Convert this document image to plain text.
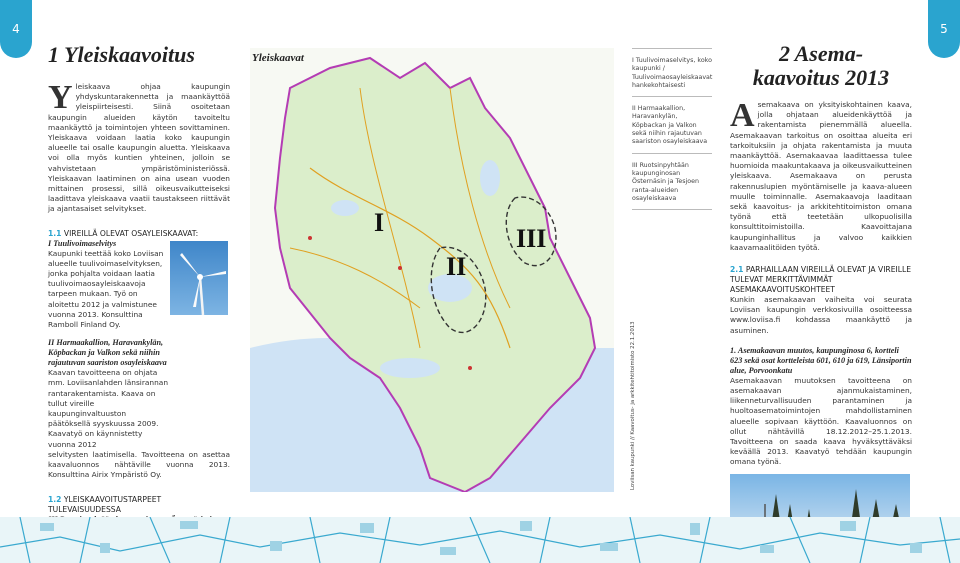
4	5
1 Yleiskaavoitus

Yleiskaava ohjaa kaupungin yhdyskuntarakennetta ja maankäyttöä yleispiirteisesti. Siinä osoitetaan kaupungin alueiden käytön tavoiteltu maankäyttö ja toimintojen yhteen sovittaminen. Yleiskaava voidaan laatia koko kaupungin alueelle tai osalle kaupungin aluetta. Yleiskaava voi olla myös kuntien yhteinen, jolloin se vahvistetaan ympäristöministeriössä. Yleiskaavan laatiminen on aina usean vuoden mittainen prosessi, sillä oikeusvaikutteiseksi laadittava yleiskaava vaatii taustakseen riittävät ja ajantasaiset selvitykset.

1.1 VIREILLÄ OLEVAT OSAYLEISKAAVAT:
I Tuulivoimaselvitys

Kaupunki teettää koko Loviisan alueelle tuulivoimaselvityksen, jonka pohjalta voidaan laatia tuulivoimaosayleiskaavoja tarpeen mukaan. Työ on aloitettu 2012 ja valmistunee vuonna 2013. Konsulttina Ramboll Finland Oy.

II Harmaakallion, Haravankylän, Köpbackan ja Valkon sekä niihin rajautuvan saariston osayleiskaava

Kaavan tavoitteena on ohjata mm. Loviisanlahden länsirannan rantarakentamista. Kaava on tullut vireille kaupunginvaltuuston päätöksellä syyskuussa 2009. Kaavatyö on käynnistetty vuonna 2012

selvitysten laatimisella. Tavoitteena on asettaa kaavaluonnos nähtäville vuonna 2013. Konsulttina Airix Ympäristö Oy.

1.2 YLEISKAAVOITUSTARPEET TULEVAISUUDESSA
Yleiskaavat
I
II
III
I Tuulivoimaselvitys, koko kaupunki / Tuulivoimaosayleiskaavat hankekohtaisesti
II Harmaakallion, Haravankylän, Köpbackan ja Valkon sekä niihin rajautuvan saariston osayleiskaava
III Ruotsinpyhtään kaupunginosan Östernäsin ja Tesjoen ranta-alueiden osayleiskaava
Loviisan kaupunki // Kaavoitus- ja arkkitehtitoimisto 22.1.2013
2 Asema-
kaavoitus 2013

Asemakaava on yksityiskohtainen kaava, jolla ohjataan alueidenkäyttöä ja rakentamista pienemmällä alueella. Asemakaavan tarkoitus on osoittaa alueita eri tarkoituksiin ja ohjata rakentamista ja muuta maankäyttöä. Asemakaavaa laadittaessa tulee huomioida maakuntakaava ja oikeusvaikutteinen yleiskaava. Asemakaava on perusta rakennuslupien myöntämiselle ja kaava-alueen muulle toiminnalle. Asemakaavoja laaditaan sekä kaavoitus- ja arkkitehtitoimiston omana työnä että teetetään ulkopuolisilla konsulttitoimistoilla. Kaavoittajana kaupunginhallitus ja valvoo kaikkien kaavamaalitöiden työtä.

2.1 PARHAILLAAN VIREILLÄ OLEVAT JA VIREILLE TULEVAT MERKITTÄVIMMÄT ASEMAKAAVOITUSKOHTEET

Kunkin asemakaavan vaiheita voi seurata Loviisan kaupungin verkkosivuilla osoitteessa www.loviisa.fi kohdassa maankäyttö ja asuminen.

1. Asemakaavan muutos, kaupunginosa 6, kortteli 623 sekä osat kortteleista 601, 610 ja 619, Länsiportin alue, Porvoonkatu

Asemakaavan muutoksen tavoitteena on asemakaavan ajanmukaistaminen, liikenneturvallisuuden parantaminen ja huoltoasematoimintojen mahdollistaminen alueelle sopivaan käyttöön. Kaavaluonnos on ollut nähtävillä 18.12.2012–25.1.2013. Tavoitteena on saada kaava hyväksyttäväksi keväällä 2013. Kaavatyö tehdään kaupungin omana työnä.
